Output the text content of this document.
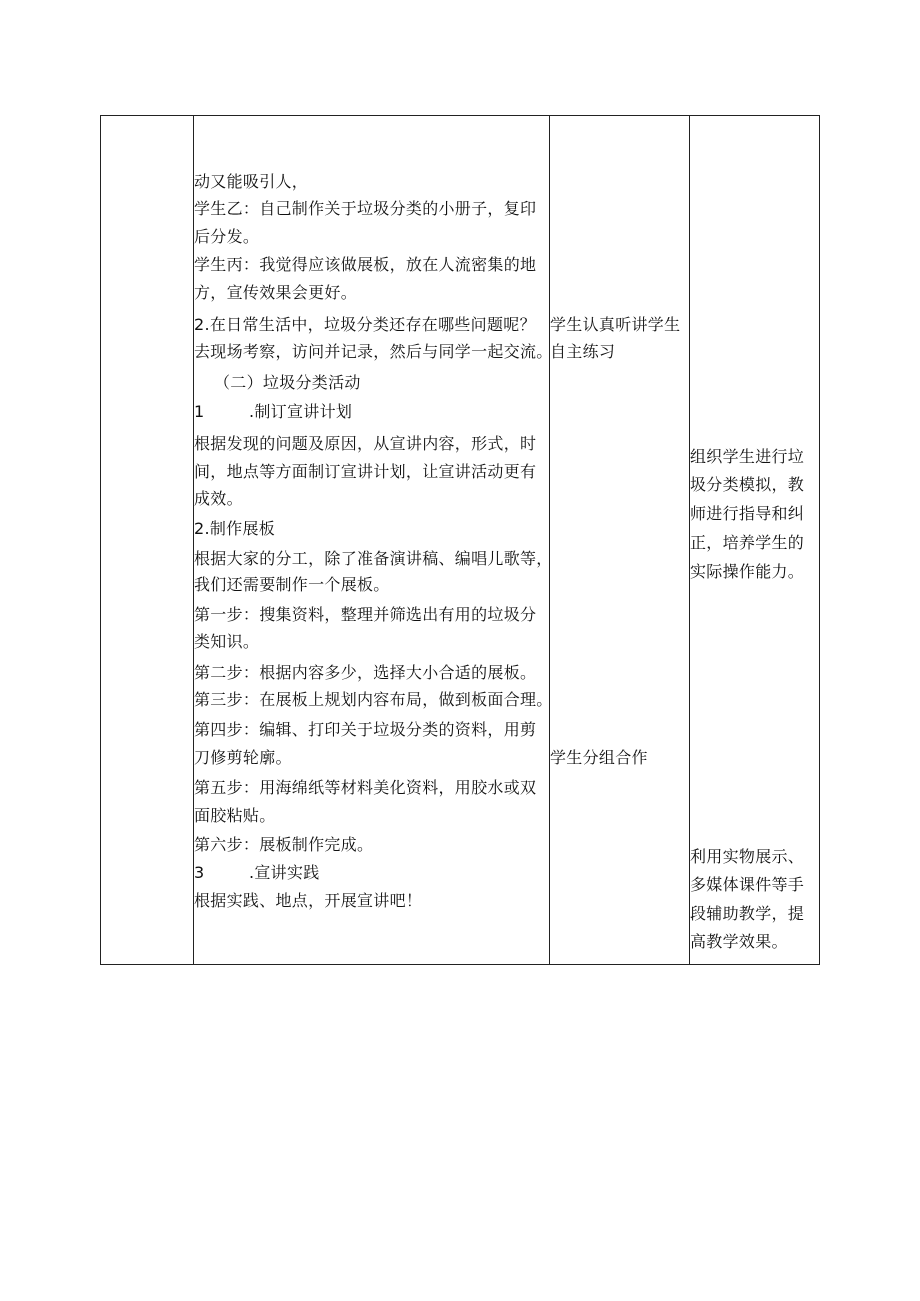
动又能吸引人，
学生乙：自己制作关于垃圾分类的小册子，复印
后分发。
学生丙：我觉得应该做展板，放在人流密集的地
方，宣传效果会更好。
2.在日常生活中，垃圾分类还存在哪些问题呢？
去现场考察，访问并记录，然后与同学一起交流。
（二）垃圾分类活动
1	.制订宣讲计划
根据发现的问题及原因，从宣讲内容，形式，时
间，地点等方面制订宣讲计划，让宣讲活动更有
成效。
2.制作展板
根据大家的分工，除了准备演讲稿、编唱儿歌等，
我们还需要制作一个展板。
第一步：搜集资料，整理并筛选出有用的垃圾分
类知识。
第二步：根据内容多少，选择大小合适的展板。
第三步：在展板上规划内容布局，做到板面合理。
第四步：编辑、打印关于垃圾分类的资料，用剪
刀修剪轮廓。
第五步：用海绵纸等材料美化资料，用胶水或双
面胶粘贴。
第六步：展板制作完成。
3	.宣讲实践
根据实践、地点，开展宣讲吧！
学生认真听讲学生
自主练习
学生分组合作
组织学生进行垃
圾分类模拟，教
师进行指导和纠
正，培养学生的
实际操作能力。
利用实物展示、
多媒体课件等手
段辅助教学，提
高教学效果。
